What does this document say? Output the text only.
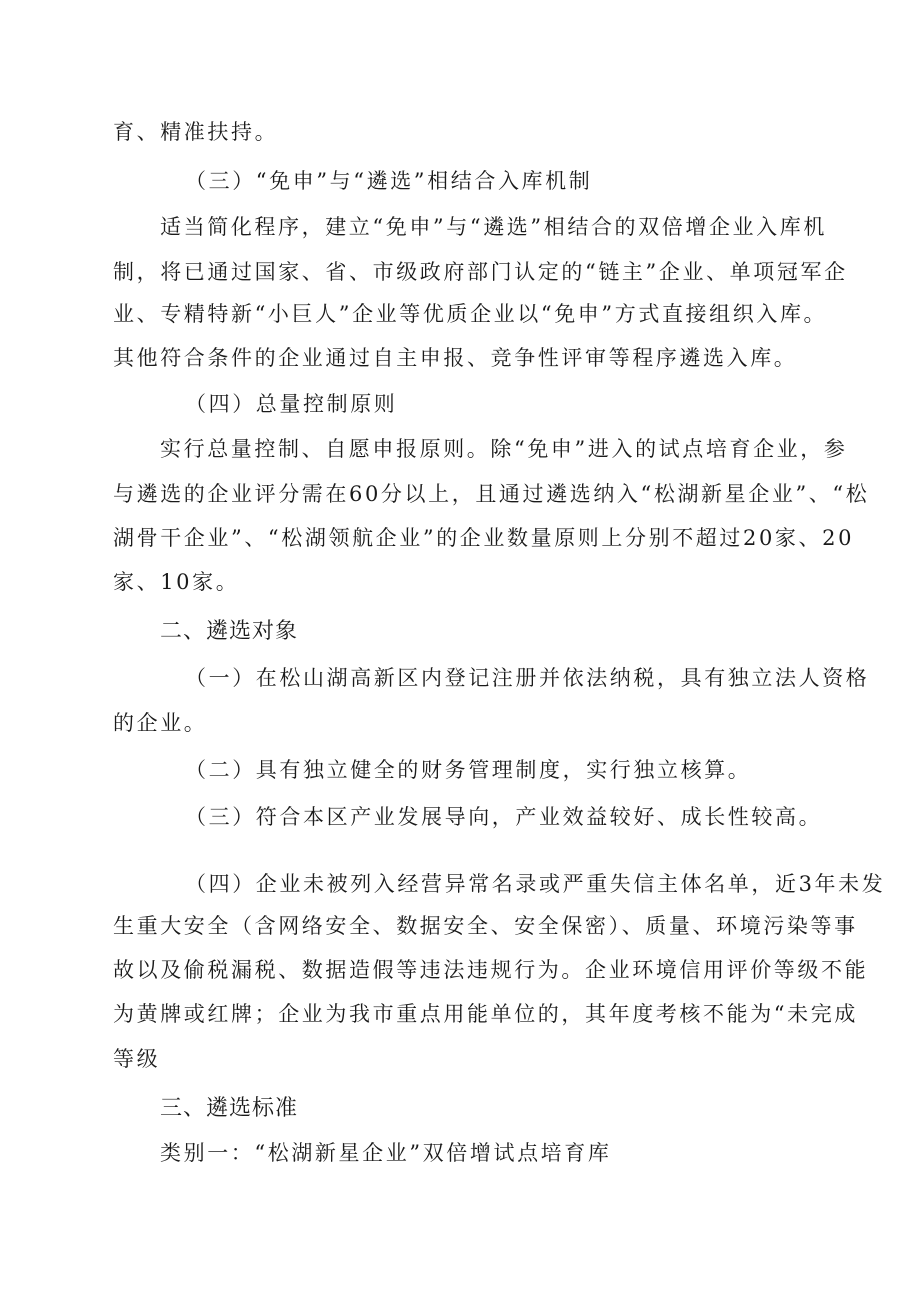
育、精准扶持。
（三）“免申”与“遴选”相结合入库机制
适当简化程序，建立“免申”与“遴选”相结合的双倍增企业入库机
制，将已通过国家、省、市级政府部门认定的“链主”企业、单项冠军企
业、专精特新“小巨人”企业等优质企业以“免申”方式直接组织入库。
其他符合条件的企业通过自主申报、竞争性评审等程序遴选入库。
（四）总量控制原则
实行总量控制、自愿申报原则。除“免申”进入的试点培育企业，参
与遴选的企业评分需在60分以上，且通过遴选纳入“松湖新星企业”、“松
湖骨干企业”、“松湖领航企业”的企业数量原则上分别不超过20家、20
家、10家。
二、遴选对象
（一）在松山湖高新区内登记注册并依法纳税，具有独立法人资格
的企业。
（二）具有独立健全的财务管理制度，实行独立核算。
（三）符合本区产业发展导向，产业效益较好、成长性较高。
（四）企业未被列入经营异常名录或严重失信主体名单，近3年未发
生重大安全（含网络安全、数据安全、安全保密）、质量、环境污染等事
故以及偷税漏税、数据造假等违法违规行为。企业环境信用评价等级不能
为黄牌或红牌；企业为我市重点用能单位的，其年度考核不能为“未完成
等级
三、遴选标准
类别一：“松湖新星企业”双倍增试点培育库
